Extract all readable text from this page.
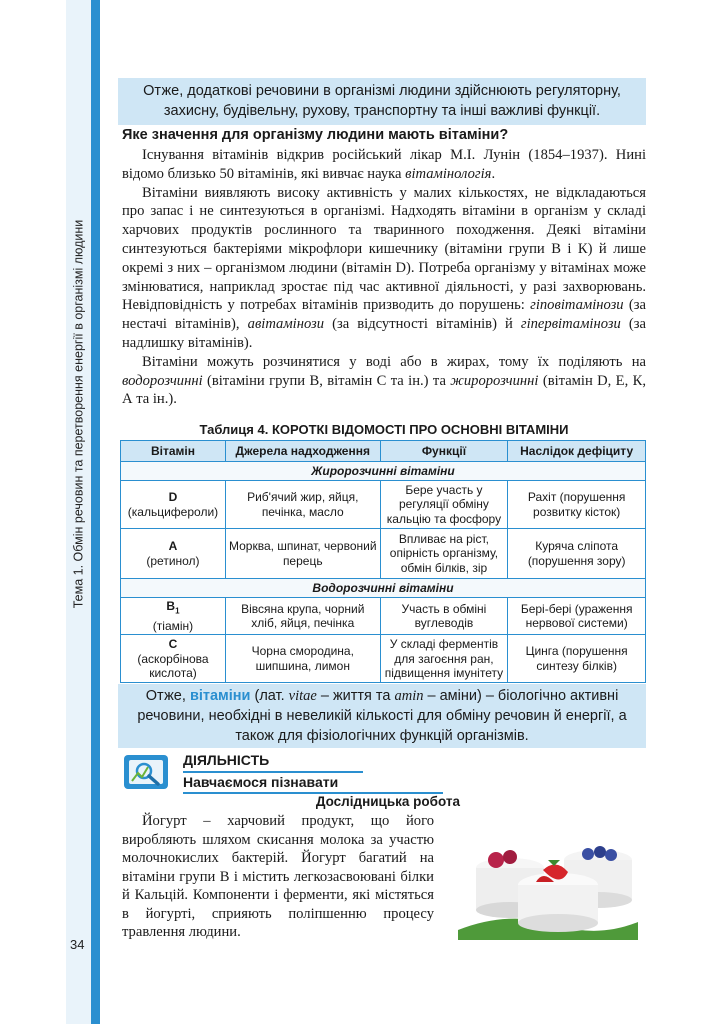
Тема 1. Обмін речовин та перетворення енергії в організмі людини
34
Отже, додаткові речовини в організмі людини здійснюють регуляторну, захисну, будівельну, рухову, транспортну та інші важливі функції.
Яке значення для організму людини мають вітаміни?

Існування вітамінів відкрив російський лікар М.І. Лунін (1854–1937). Нині відомо близько 50 вітамінів, які вивчає наука вітамінологія.

Вітаміни виявляють високу активність у малих кількостях, не відкладаються про запас і не синтезуються в організмі. Надходять вітаміни в організм у складі харчових продуктів рослинного та тваринного походження. Деякі вітаміни синтезуються бактеріями мікрофлори кишечнику (вітаміни групи В і К) й лише окремі з них – організмом людини (вітамін D). Потреба організму у вітамінах може змінюватися, наприклад зростає під час активної діяльності, у разі захворювань. Невідповідність у потребах вітамінів призводить до порушень: гіповітамінози (за нестачі вітамінів), авітамінози (за відсутності вітамінів) й гіпервітамінози (за надлишку вітамінів).

Вітаміни можуть розчинятися у воді або в жирах, тому їх поділяють на водорозчинні (вітаміни групи В, вітамін С та ін.) та жиророзчинні (вітамін D, Е, К, А та ін.).

Таблиця 4. КОРОТКІ ВІДОМОСТІ ПРО ОСНОВНІ ВІТАМІНИ
Вітамін	Джерела надходження	Функції	Наслідок дефіциту
Жиророзчинні вітаміни			

D
(кальцифероли)	Риб'ячий жир, яйця, печінка, масло	Бере участь у регуляції обміну кальцію та фосфору	Рахіт (порушення розвитку кісток)

A
(ретинол)	Морква, шпинат, червоний перець	Впливає на ріст, опірність організму, обмін білків, зір	Куряча сліпота (порушення зору)
Водорозчинні вітаміни			

$B_1$
(тіамін)	Вівсяна крупа, чорний хліб, яйця, печінка	Участь в обміні вуглеводів	Бері-бері (ураження нервової системи)

C
(аскорбінова кислота)	Чорна смородина, шипшина, лимон	У складі ферментів для загоєння ран, підвищення імунітету	Цинга (порушення синтезу білків)
Отже, вітаміни (лат. vitae – життя та amin – аміни) – біологічно активні речовини, необхідні в невеликій кількості для обміну речовин й енергії, а також для фізіологічних функцій організмів.
ДІЯЛЬНІСТЬ
Навчаємося пізнавати
Дослідницька робота

Йогурт – харчовий продукт, що його виробляють шляхом скисання молока за участю молочнокислих бактерій. Йогурт багатий на вітаміни групи В і містить легкозасвоювані білки й Кальцій. Компоненти і ферменти, які містяться в йогурті, сприяють поліпшенню процесу травлення людини.
